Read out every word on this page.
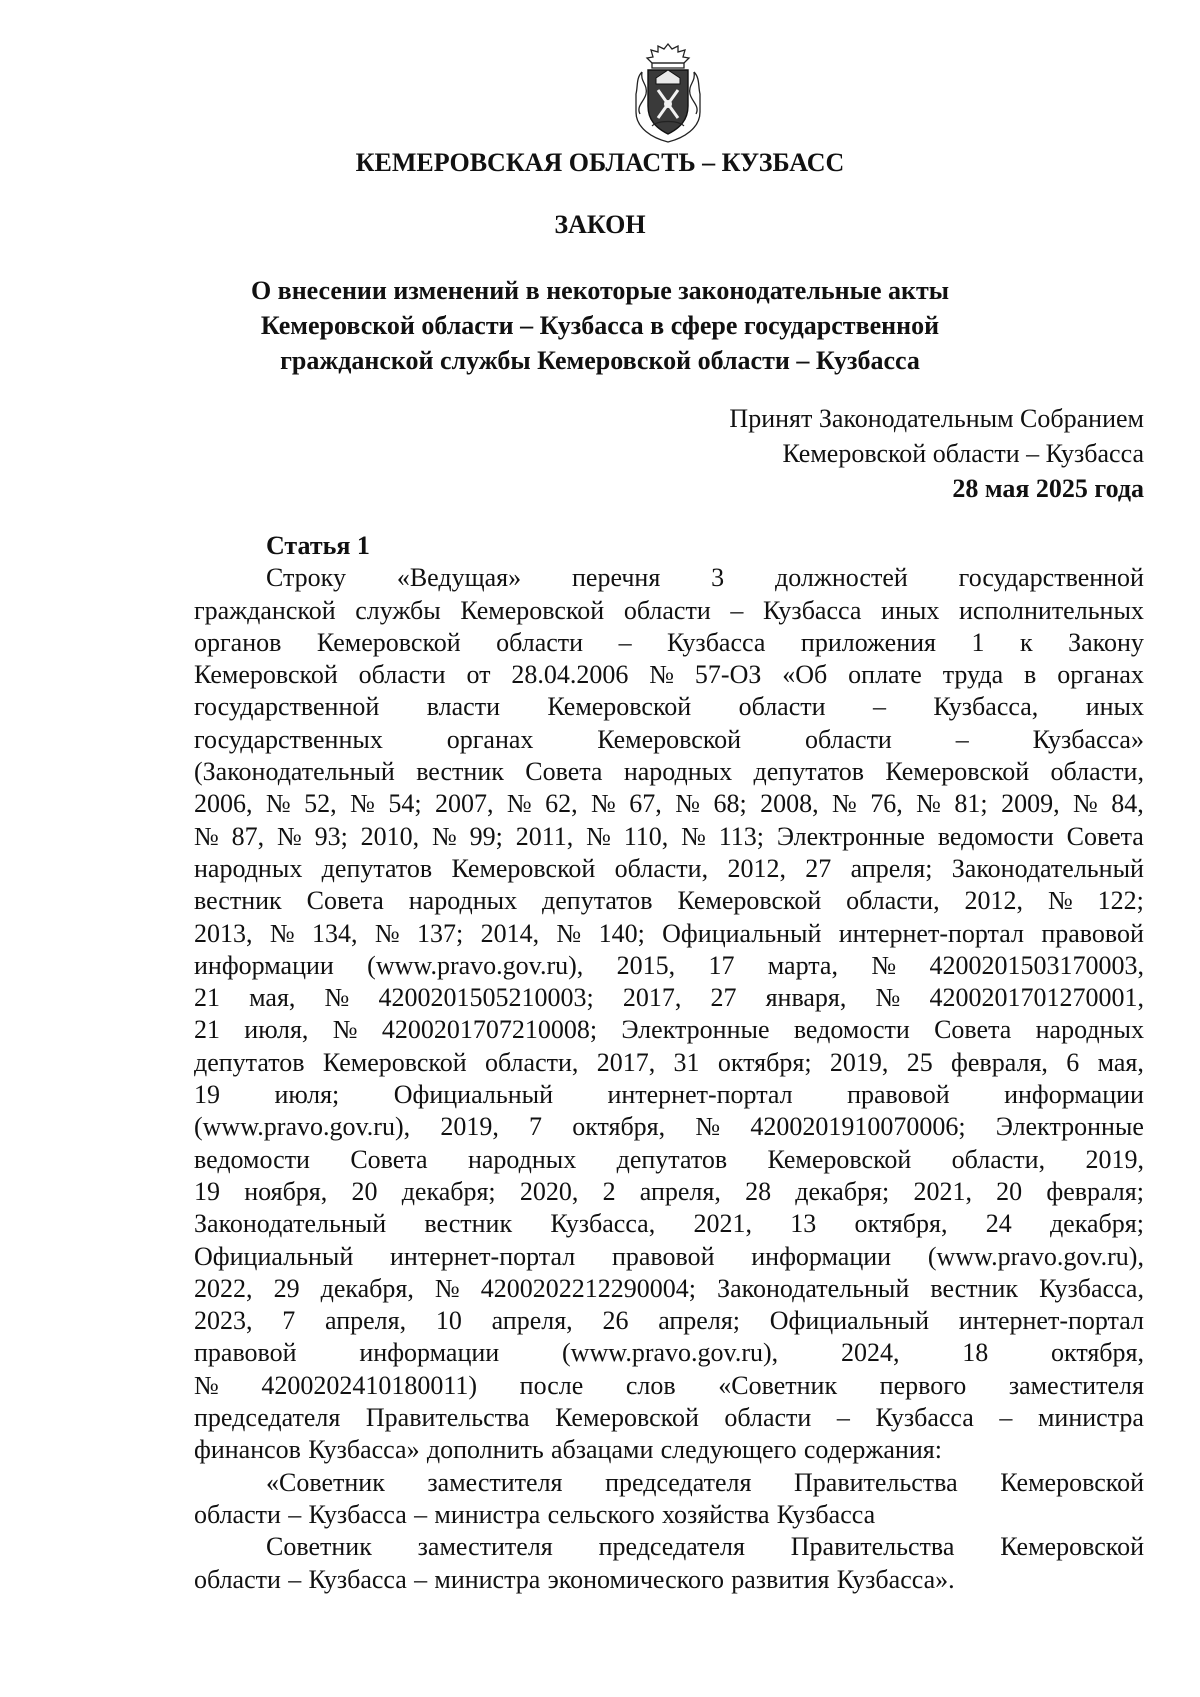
КЕМЕРОВСКАЯ ОБЛАСТЬ – КУЗБАСС
ЗАКОН
О внесении изменений в некоторые законодательные акты
Кемеровской области – Кузбасса в сфере государственной
гражданской службы Кемеровской области – Кузбасса
Принят Законодательным Собранием
Кемеровской области – Кузбасса
28 мая 2025 года
Статья 1
Строку «Ведущая» перечня 3 должностей государственной
гражданской службы Кемеровской области – Кузбасса иных исполнительных
органов Кемеровской области – Кузбасса приложения 1 к Закону
Кемеровской области от 28.04.2006 № 57-ОЗ «Об оплате труда в органах
государственной власти Кемеровской области – Кузбасса, иных
государственных органах Кемеровской области – Кузбасса»
(Законодательный вестник Совета народных депутатов Кемеровской области,
2006, № 52, № 54; 2007, № 62, № 67, № 68; 2008, № 76, № 81; 2009, № 84,
№ 87, № 93; 2010, № 99; 2011, № 110, № 113; Электронные ведомости Совета
народных депутатов Кемеровской области, 2012, 27 апреля; Законодательный
вестник Совета народных депутатов Кемеровской области, 2012, № 122;
2013, № 134, № 137; 2014, № 140; Официальный интернет-портал правовой
информации (www.pravo.gov.ru), 2015, 17 марта, № 4200201503170003,
21 мая, № 4200201505210003; 2017, 27 января, № 4200201701270001,
21 июля, № 4200201707210008; Электронные ведомости Совета народных
депутатов Кемеровской области, 2017, 31 октября; 2019, 25 февраля, 6 мая,
19 июля; Официальный интернет-портал правовой информации
(www.pravo.gov.ru), 2019, 7 октября, № 4200201910070006; Электронные
ведомости Совета народных депутатов Кемеровской области, 2019,
19 ноября, 20 декабря; 2020, 2 апреля, 28 декабря; 2021, 20 февраля;
Законодательный вестник Кузбасса, 2021, 13 октября, 24 декабря;
Официальный интернет-портал правовой информации (www.pravo.gov.ru),
2022, 29 декабря, № 4200202212290004; Законодательный вестник Кузбасса,
2023, 7 апреля, 10 апреля, 26 апреля; Официальный интернет-портал
правовой информации (www.pravo.gov.ru), 2024, 18 октября,
№ 4200202410180011) после слов «Советник первого заместителя
председателя Правительства Кемеровской области – Кузбасса – министра
финансов Кузбасса» дополнить абзацами следующего содержания:
«Советник заместителя председателя Правительства Кемеровской
области – Кузбасса – министра сельского хозяйства Кузбасса
Советник заместителя председателя Правительства Кемеровской
области – Кузбасса – министра экономического развития Кузбасса».
